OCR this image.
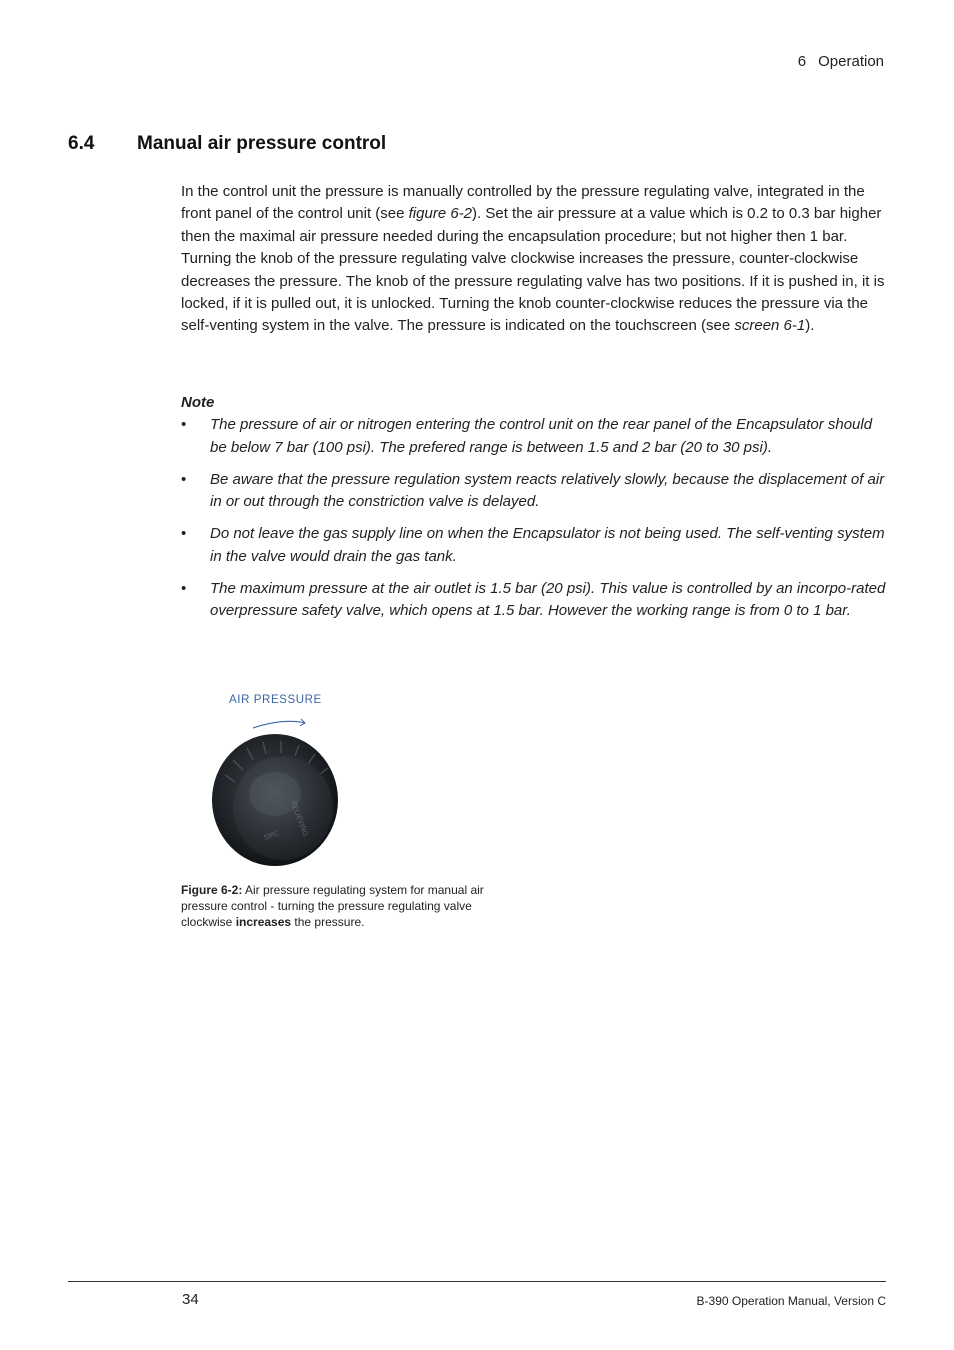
6 Operation
6.4 Manual air pressure control

In the control unit the pressure is manually controlled by the pressure regulating valve, integrated in the front panel of the control unit (see figure 6-2). Set the air pressure at a value which is 0.2 to 0.3 bar higher then the maximal air pressure needed during the encapsulation procedure; but not higher then 1 bar. Turning the knob of the pressure regulating valve clockwise increases the pressure, counter-clockwise decreases the pressure. The knob of the pressure regulating valve has two positions. If it is pushed in, it is locked, if it is pulled out, it is unlocked. Turning the knob counter-clockwise reduces the pressure via the self-venting system in the valve. The pressure is indicated on the touchscreen (see screen 6-1).

Note

• The pressure of air or nitrogen entering the control unit on the rear panel of the Encapsulator should be below 7 bar (100 psi). The prefered range is between 1.5 and 2 bar (20 to 30 psi).
• Be aware that the pressure regulation system reacts relatively slowly, because the displacement of air in or out through the constriction valve is delayed.
• Do not leave the gas supply line on when the Encapsulator is not being used. The self-venting system in the valve would drain the gas tank.
• The maximum pressure at the air outlet is 1.5 bar (20 psi). This value is controlled by an incorpo-rated overpressure safety valve, which opens at 1.5 bar. However the working range is from 0 to 1 bar.
AIR PRESSURE
RELIEVING
SMC
Figure 6-2: Air pressure regulating system for manual air pressure control - turning the pressure regulating valve clockwise increases the pressure.
34	B-390 Operation Manual, Version C
